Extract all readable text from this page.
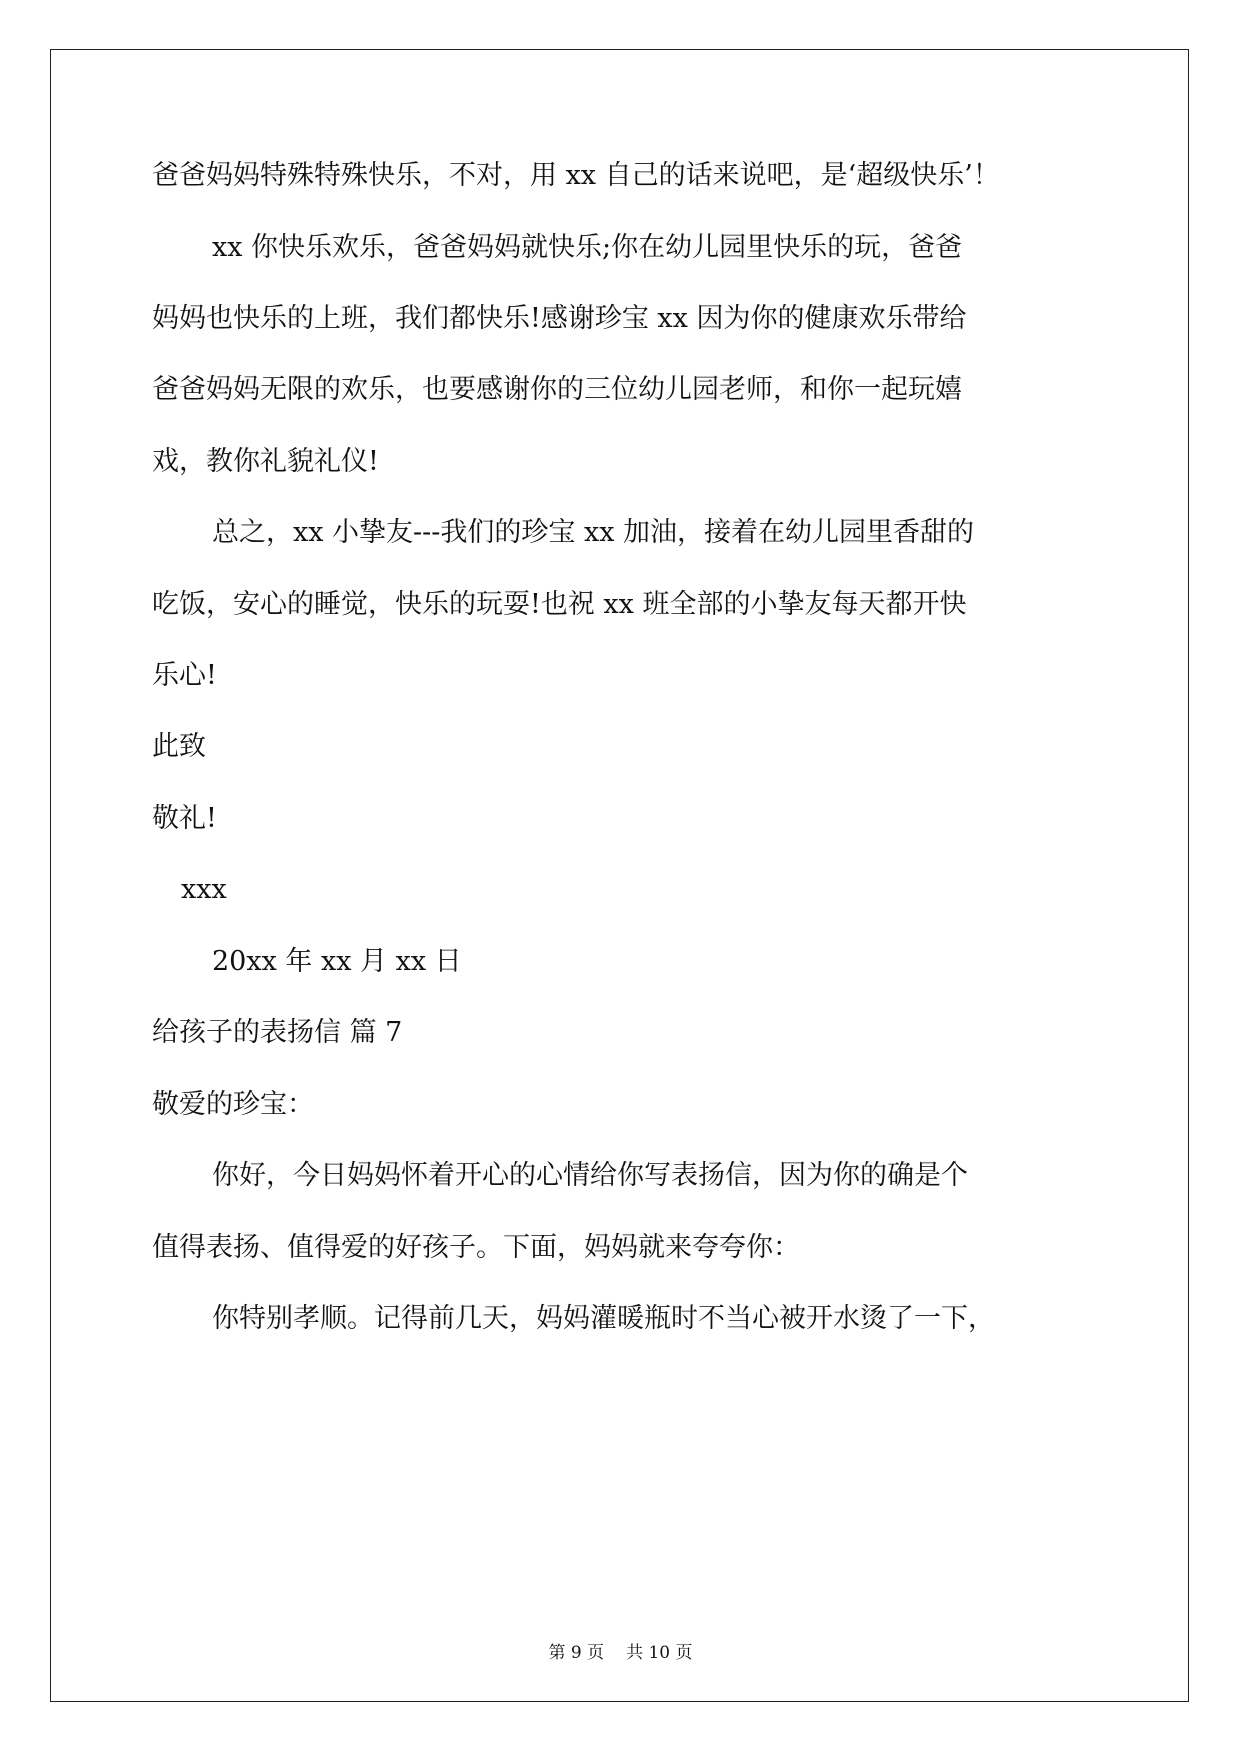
爸爸妈妈特殊特殊快乐，不对，用 xx 自己的话来说吧，是‘超级快乐’！
xx 你快乐欢乐，爸爸妈妈就快乐;你在幼儿园里快乐的玩，爸爸
妈妈也快乐的上班，我们都快乐!感谢珍宝 xx 因为你的健康欢乐带给
爸爸妈妈无限的欢乐，也要感谢你的三位幼儿园老师，和你一起玩嬉
戏，教你礼貌礼仪!
总之，xx 小挚友---我们的珍宝 xx 加油，接着在幼儿园里香甜的
吃饭，安心的睡觉，快乐的玩耍!也祝 xx 班全部的小挚友每天都开快
乐心!
此致
敬礼!
xxx
20xx 年 xx 月 xx 日
给孩子的表扬信 篇 7
敬爱的珍宝：
你好，今日妈妈怀着开心的心情给你写表扬信，因为你的确是个
值得表扬、值得爱的好孩子。下面，妈妈就来夸夸你：
你特别孝顺。记得前几天，妈妈灌暖瓶时不当心被开水烫了一下，
第 9 页 共 10 页
